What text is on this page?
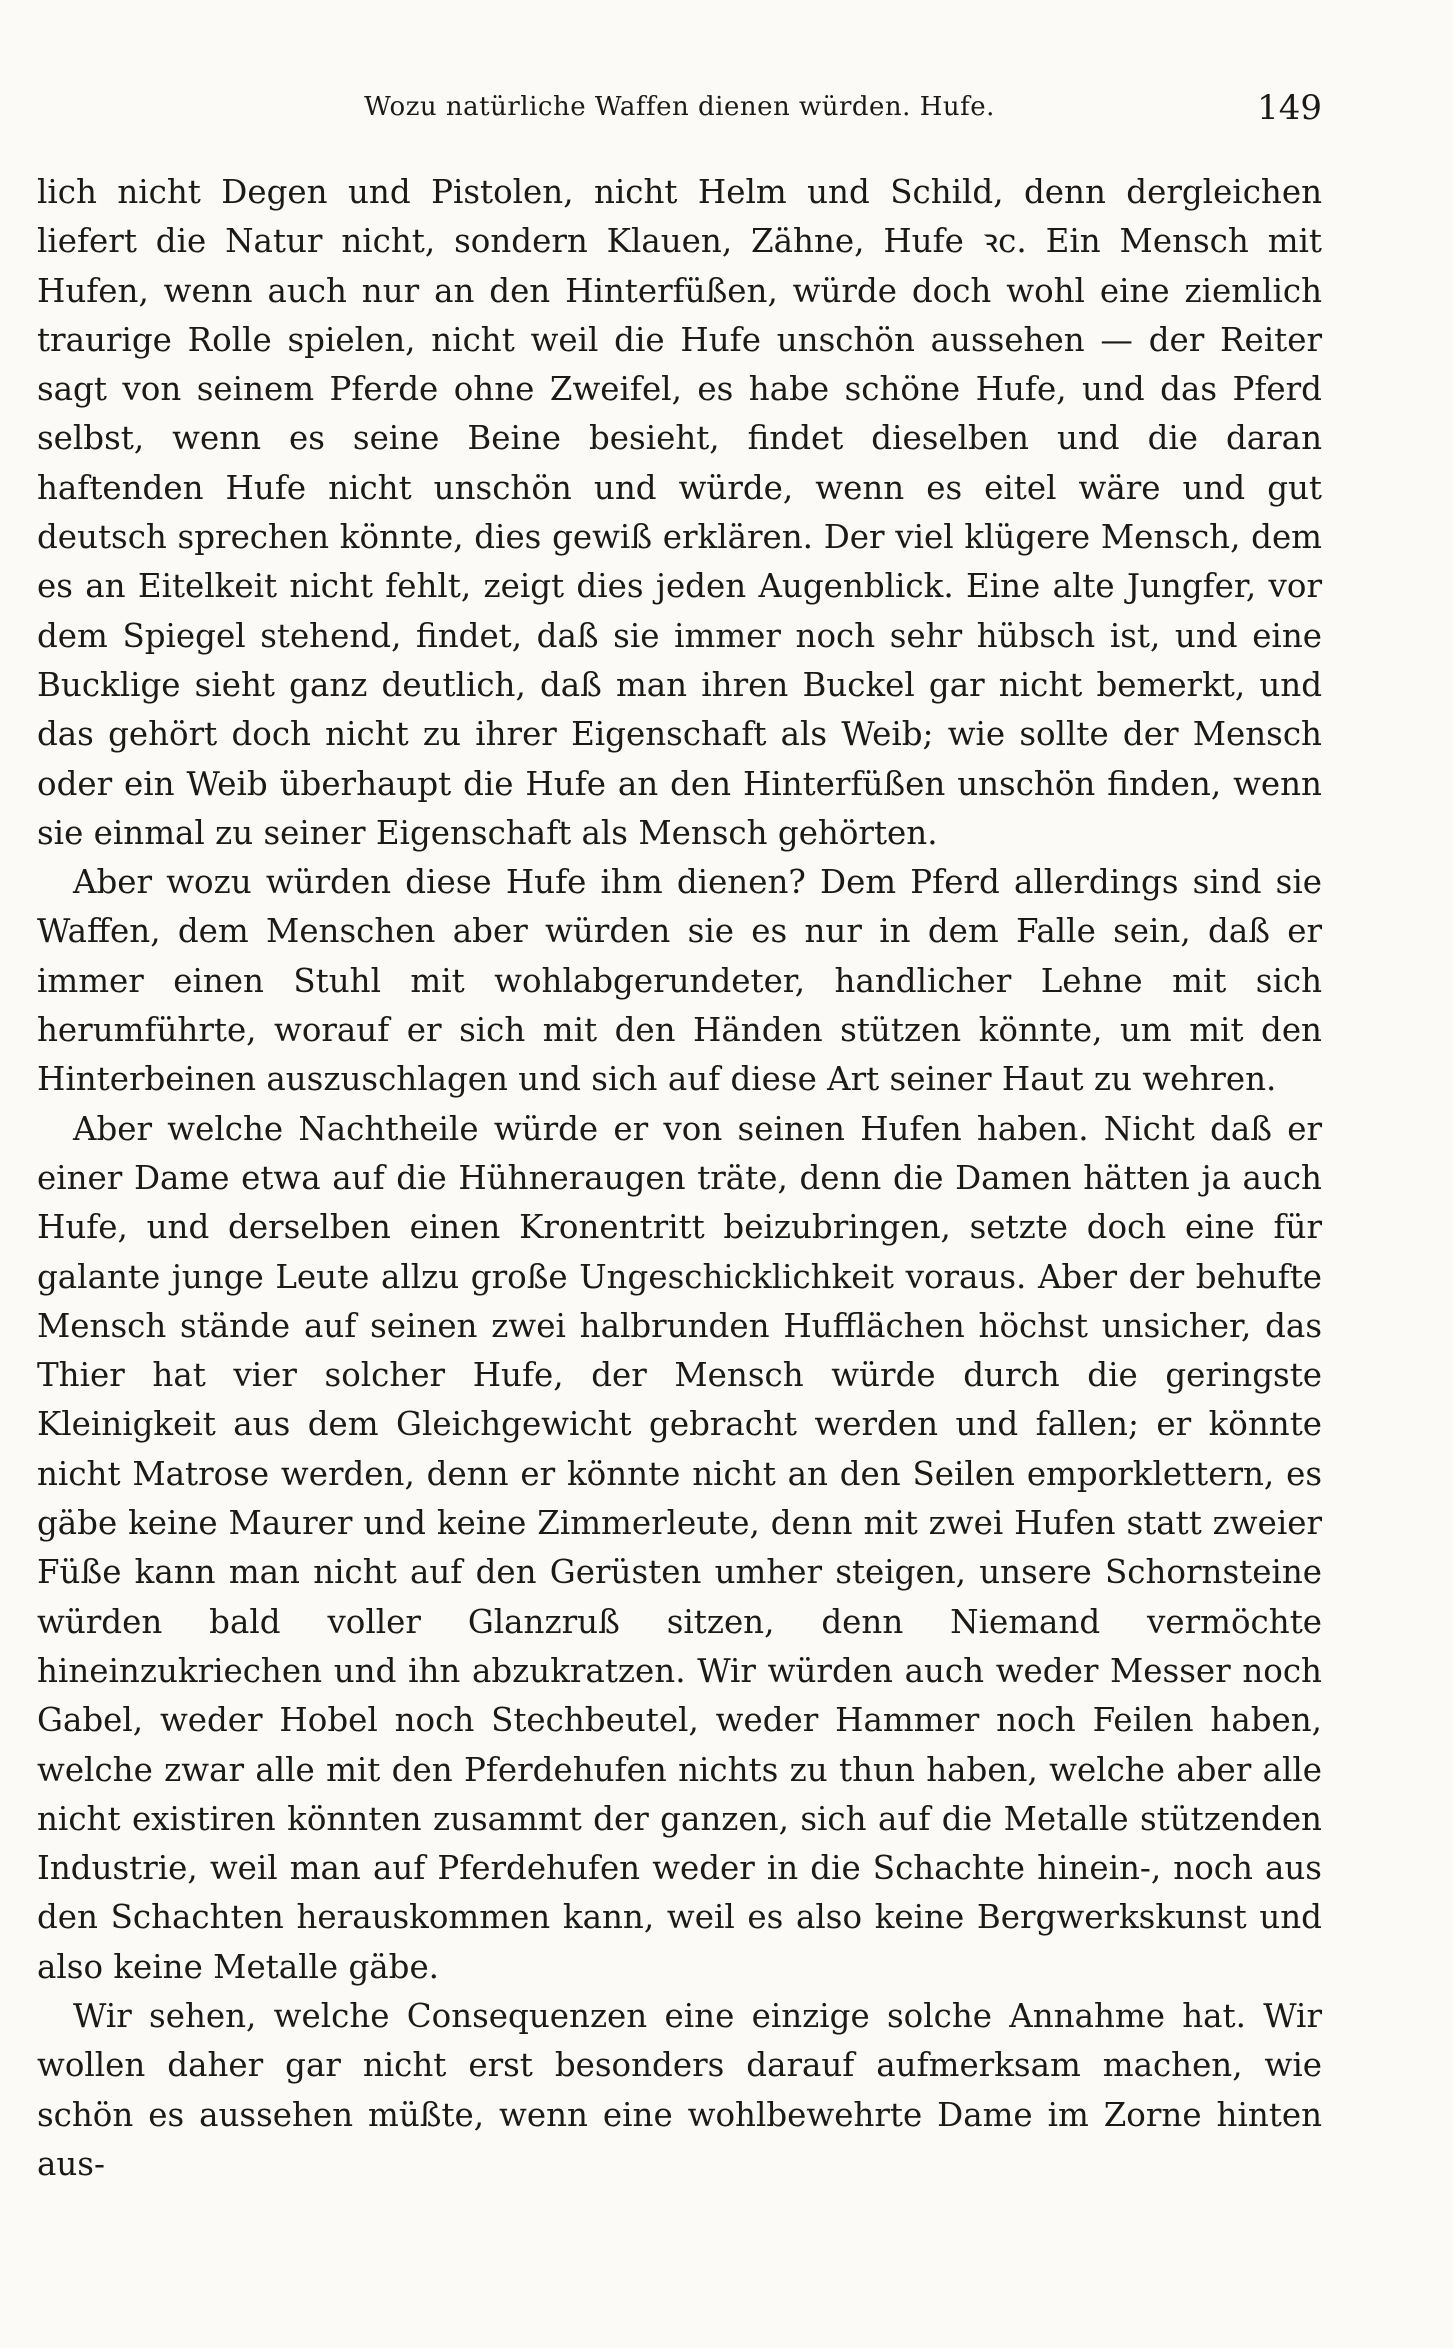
Wozu natürliche Waffen dienen würden. Hufe.	149

lich nicht Degen und Pistolen, nicht Helm und Schild, denn dergleichen liefert die Natur nicht, sondern Klauen, Zähne, Hufe ꝛc. Ein Mensch mit Hufen, wenn auch nur an den Hinterfüßen, würde doch wohl eine ziemlich traurige Rolle spielen, nicht weil die Hufe unschön aussehen — der Reiter sagt von seinem Pferde ohne Zweifel, es habe schöne Hufe, und das Pferd selbst, wenn es seine Beine besieht, findet dieselben und die daran haftenden Hufe nicht unschön und würde, wenn es eitel wäre und gut deutsch sprechen könnte, dies gewiß erklären. Der viel klügere Mensch, dem es an Eitelkeit nicht fehlt, zeigt dies jeden Augenblick. Eine alte Jungfer, vor dem Spiegel stehend, findet, daß sie immer noch sehr hübsch ist, und eine Bucklige sieht ganz deutlich, daß man ihren Buckel gar nicht bemerkt, und das gehört doch nicht zu ihrer Eigenschaft als Weib; wie sollte der Mensch oder ein Weib überhaupt die Hufe an den Hinterfüßen unschön finden, wenn sie einmal zu seiner Eigenschaft als Mensch gehörten.

Aber wozu würden diese Hufe ihm dienen? Dem Pferd allerdings sind sie Waffen, dem Menschen aber würden sie es nur in dem Falle sein, daß er immer einen Stuhl mit wohlabgerundeter, handlicher Lehne mit sich herumführte, worauf er sich mit den Händen stützen könnte, um mit den Hinterbeinen auszuschlagen und sich auf diese Art seiner Haut zu wehren.

Aber welche Nachtheile würde er von seinen Hufen haben. Nicht daß er einer Dame etwa auf die Hühneraugen träte, denn die Damen hätten ja auch Hufe, und derselben einen Kronentritt beizubringen, setzte doch eine für galante junge Leute allzu große Ungeschicklichkeit voraus. Aber der behufte Mensch stände auf seinen zwei halbrunden Hufflächen höchst unsicher, das Thier hat vier solcher Hufe, der Mensch würde durch die geringste Kleinigkeit aus dem Gleichgewicht gebracht werden und fallen; er könnte nicht Matrose werden, denn er könnte nicht an den Seilen emporklettern, es gäbe keine Maurer und keine Zimmerleute, denn mit zwei Hufen statt zweier Füße kann man nicht auf den Gerüsten umher steigen, unsere Schornsteine würden bald voller Glanzruß sitzen, denn Niemand vermöchte hineinzukriechen und ihn abzukratzen. Wir würden auch weder Messer noch Gabel, weder Hobel noch Stechbeutel, weder Hammer noch Feilen haben, welche zwar alle mit den Pferdehufen nichts zu thun haben, welche aber alle nicht existiren könnten zusammt der ganzen, sich auf die Metalle stützenden Industrie, weil man auf Pferdehufen weder in die Schachte hinein-, noch aus den Schachten herauskommen kann, weil es also keine Bergwerkskunst und also keine Metalle gäbe.

Wir sehen, welche Consequenzen eine einzige solche Annahme hat. Wir wollen daher gar nicht erst besonders darauf aufmerksam machen, wie schön es aussehen müßte, wenn eine wohlbewehrte Dame im Zorne hinten aus-
